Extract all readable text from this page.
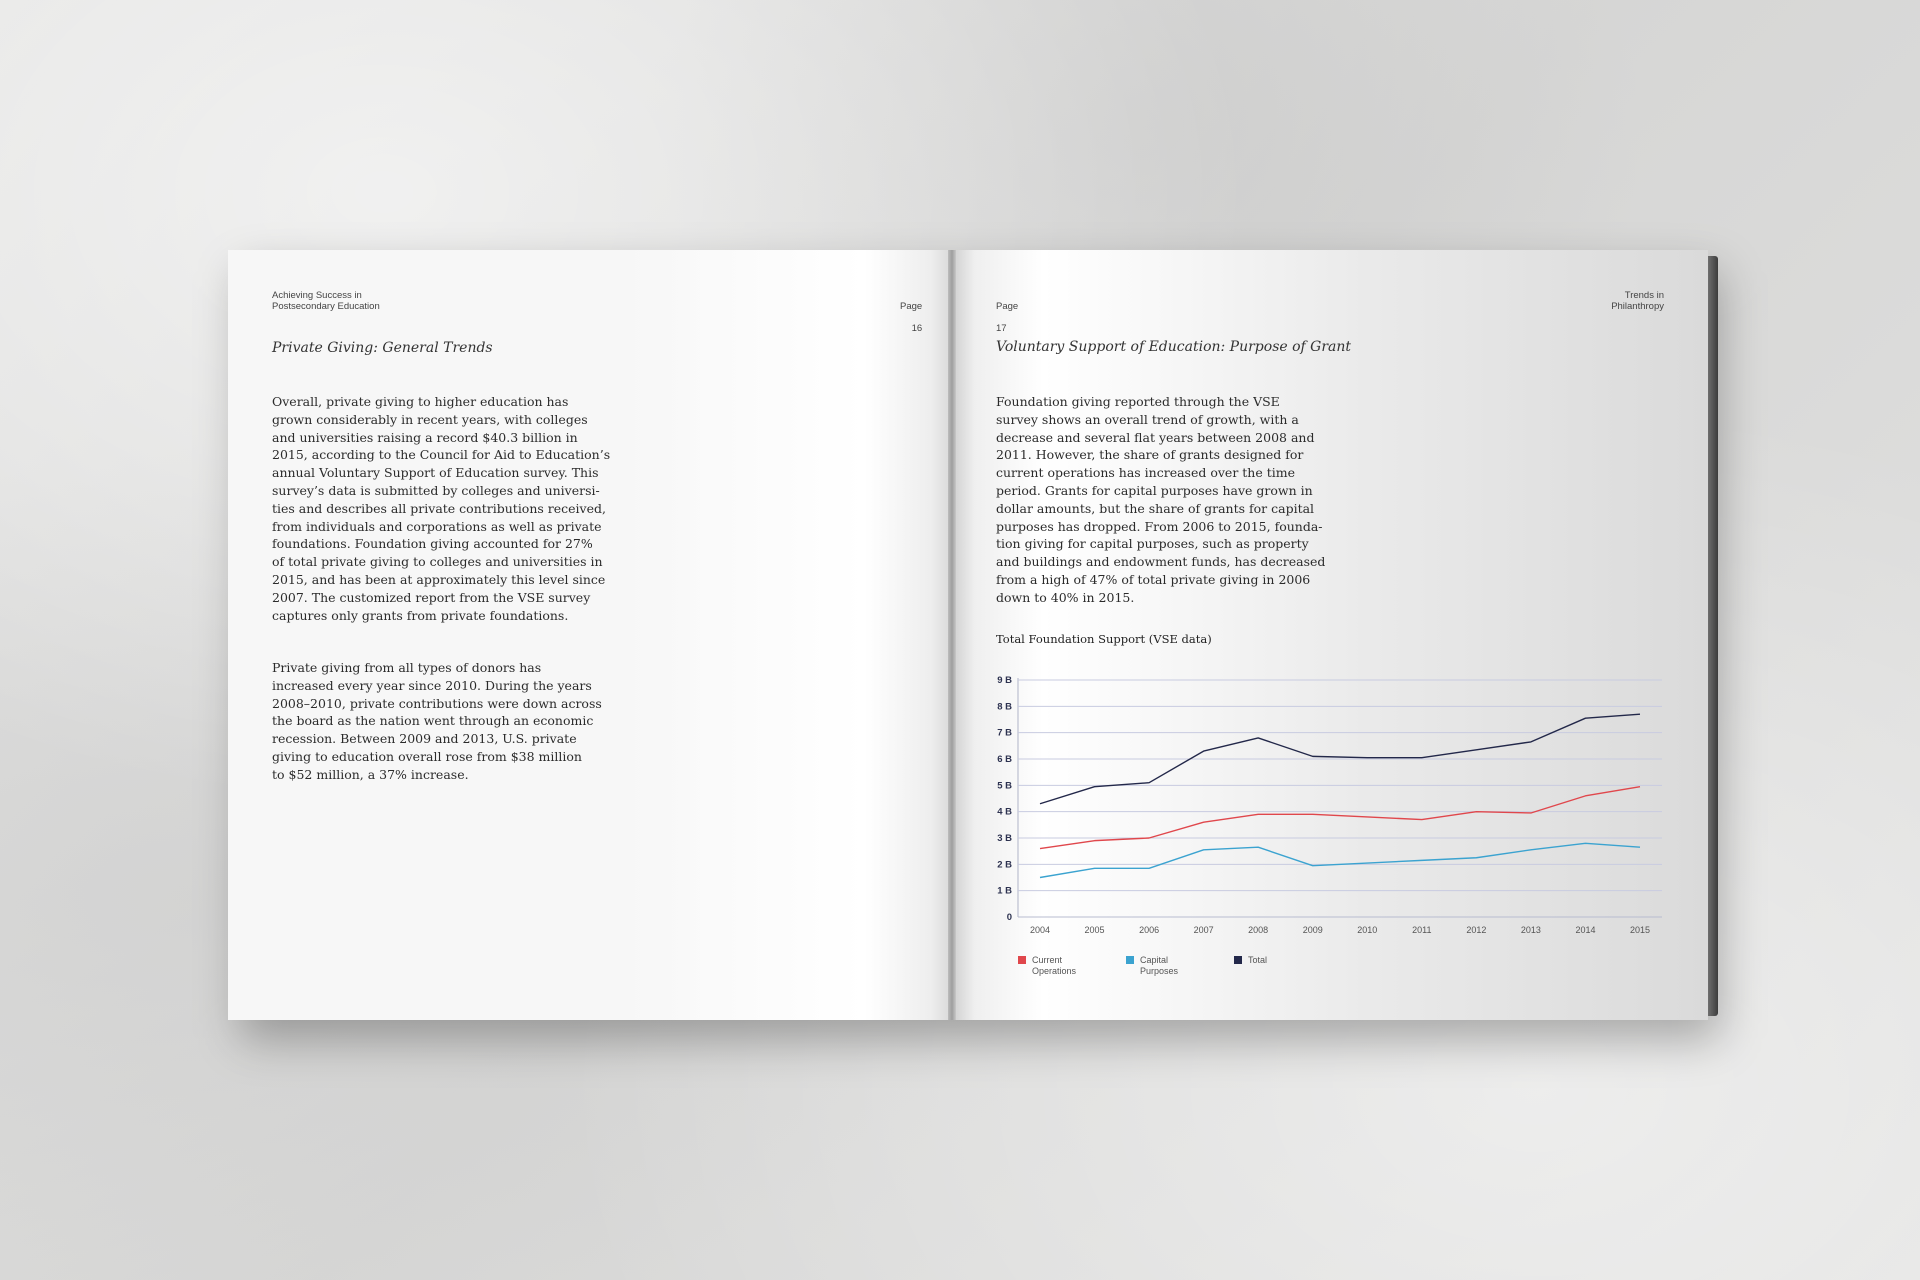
Achieving Success in
Postsecondary Education	Page

16

Private Giving: General Trends

Overall, private giving to higher education has
grown considerably in recent years, with colleges
and universities raising a record $40.3 billion in
2015, according to the Council for Aid to Education’s
annual Voluntary Support of Education survey. This
survey’s data is submitted by colleges and universi-
ties and describes all private contributions received,
from individuals and corporations as well as private
foundations. Foundation giving accounted for 27%
of total private giving to colleges and universities in
2015, and has been at approximately this level since
2007. The customized report from the VSE survey
captures only grants from private foundations.

Private giving from all types of donors has
increased every year since 2010. During the years
2008–2010, private contributions were down across
the board as the nation went through an economic
recession. Between 2009 and 2013, U.S. private
giving to education overall rose from $38 million
to $52 million, a 37% increase.

Page

17

Trends in
Philanthropy
Voluntary Support of Education: Purpose of Grant

Foundation giving reported through the VSE
survey shows an overall trend of growth, with a
decrease and several flat years between 2008 and
2011. However, the share of grants designed for
current operations has increased over the time
period. Grants for capital purposes have grown in
dollar amounts, but the share of grants for capital
purposes has dropped. From 2006 to 2015, founda-
tion giving for capital purposes, such as property
and buildings and endowment funds, has decreased
from a high of 47% of total private giving in 2006
down to 40% in 2015.

Total Foundation Support (VSE data)
0
1 B
2 B
3 B
4 B
5 B
6 B
7 B
8 B
9 B
2004	2005	2006	2007	2008	2009	2010	2011	2012	2013	2014	2015
Current
Operations
Capital
Purposes
Total
